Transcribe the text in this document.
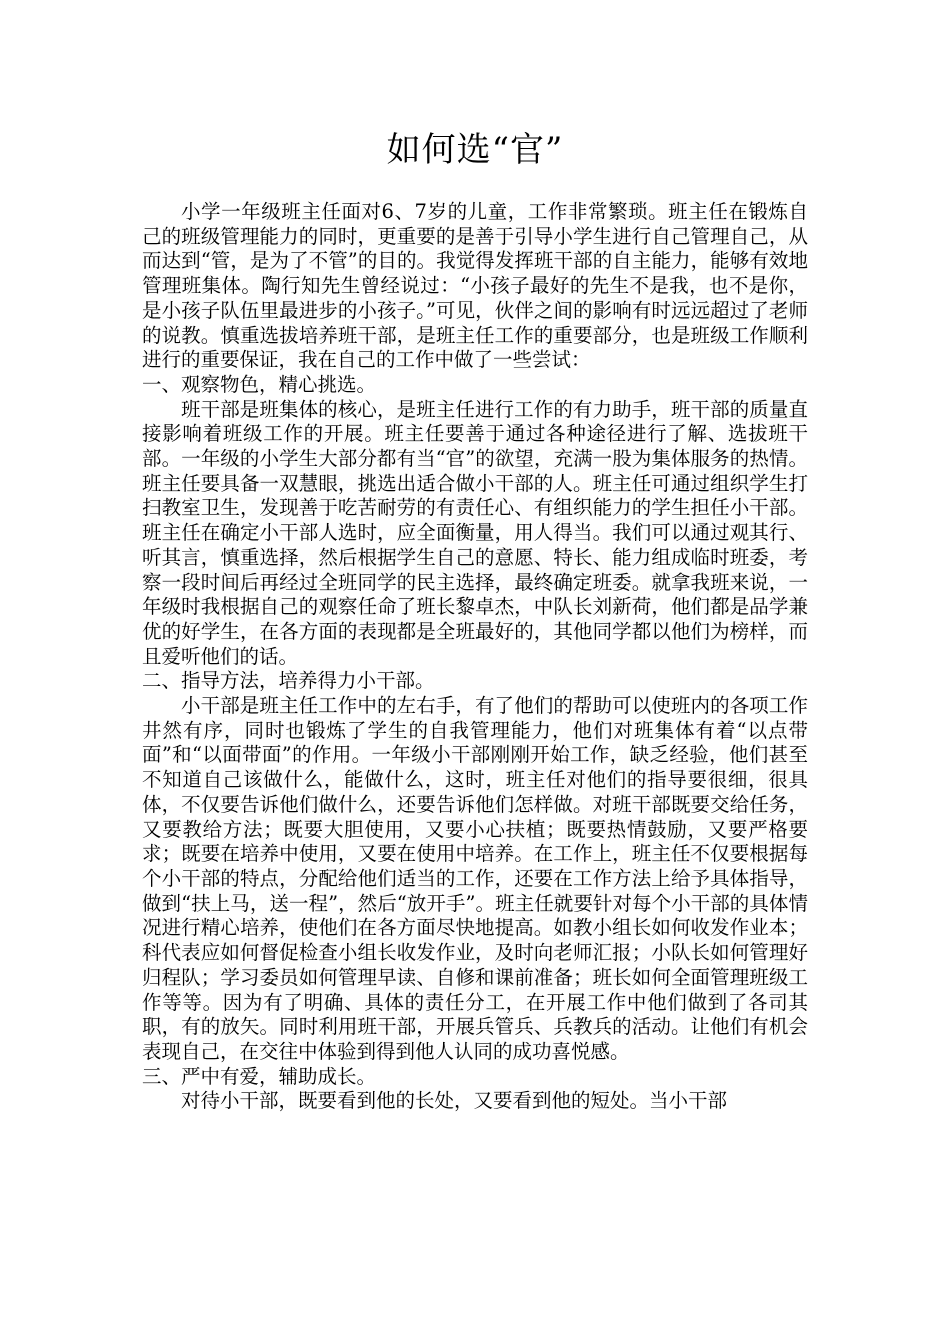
如何选“官”

小学一年级班主任面对6、7岁的儿童，工作非常繁琐。班主任在锻炼自己的班级管理能力的同时，更重要的是善于引导小学生进行自己管理自己，从而达到“管，是为了不管”的目的。我觉得发挥班干部的自主能力，能够有效地管理班集体。陶行知先生曾经说过：“小孩子最好的先生不是我，也不是你，是小孩子队伍里最进步的小孩子。”可见，伙伴之间的影响有时远远超过了老师的说教。慎重选拔培养班干部，是班主任工作的重要部分，也是班级工作顺利进行的重要保证，我在自己的工作中做了一些尝试：

一、观察物色，精心挑选。

班干部是班集体的核心，是班主任进行工作的有力助手，班干部的质量直接影响着班级工作的开展。班主任要善于通过各种途径进行了解、选拔班干部。一年级的小学生大部分都有当“官”的欲望，充满一股为集体服务的热情。班主任要具备一双慧眼，挑选出适合做小干部的人。班主任可通过组织学生打扫教室卫生，发现善于吃苦耐劳的有责任心、有组织能力的学生担任小干部。班主任在确定小干部人选时，应全面衡量，用人得当。我们可以通过观其行、听其言，慎重选择，然后根据学生自己的意愿、特长、能力组成临时班委，考察一段时间后再经过全班同学的民主选择，最终确定班委。就拿我班来说，一年级时我根据自己的观察任命了班长黎卓杰，中队长刘新荷，他们都是品学兼优的好学生，在各方面的表现都是全班最好的，其他同学都以他们为榜样，而且爱听他们的话。

二、指导方法，培养得力小干部。

小干部是班主任工作中的左右手，有了他们的帮助可以使班内的各项工作井然有序，同时也锻炼了学生的自我管理能力，他们对班集体有着“以点带面”和“以面带面”的作用。一年级小干部刚刚开始工作，缺乏经验，他们甚至不知道自己该做什么，能做什么，这时，班主任对他们的指导要很细，很具体，不仅要告诉他们做什么，还要告诉他们怎样做。对班干部既要交给任务，又要教给方法；既要大胆使用，又要小心扶植；既要热情鼓励，又要严格要求；既要在培养中使用，又要在使用中培养。在工作上，班主任不仅要根据每个小干部的特点，分配给他们适当的工作，还要在工作方法上给予具体指导，做到“扶上马，送一程”，然后“放开手”。班主任就要针对每个小干部的具体情况进行精心培养，使他们在各方面尽快地提高。如教小组长如何收发作业本；科代表应如何督促检查小组长收发作业，及时向老师汇报；小队长如何管理好归程队；学习委员如何管理早读、自修和课前准备；班长如何全面管理班级工作等等。因为有了明确、具体的责任分工，在开展工作中他们做到了各司其职，有的放矢。同时利用班干部，开展兵管兵、兵教兵的活动。让他们有机会表现自己，在交往中体验到得到他人认同的成功喜悦感。

三、严中有爱，辅助成长。

对待小干部，既要看到他的长处，又要看到他的短处。当小干部
